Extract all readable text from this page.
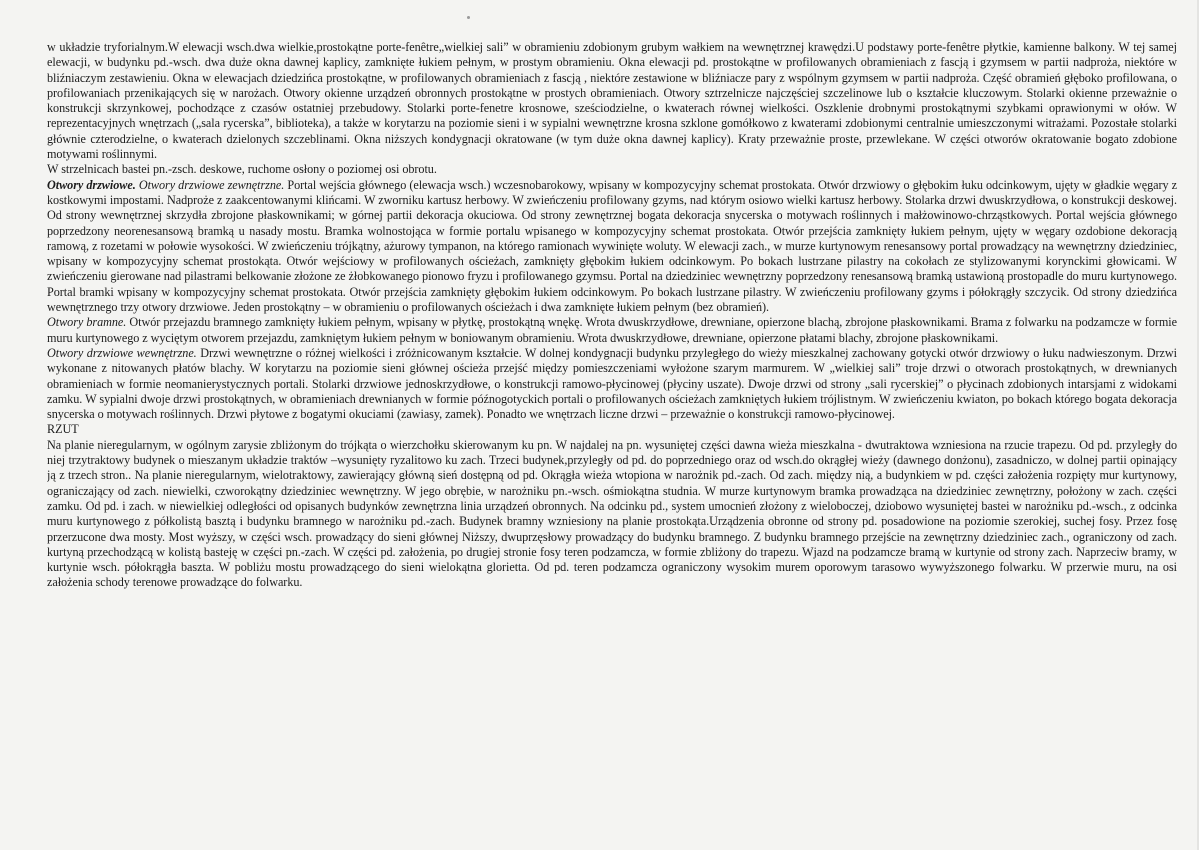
w układzie tryforialnym.W elewacji wsch.dwa wielkie,prostokątne porte-fenêtre„wielkiej sali” w obramieniu zdobionym grubym wałkiem na wewnętrznej krawędzi.U podstawy porte-fenêtre płytkie, kamienne balkony. W tej samej elewacji, w budynku pd.-wsch. dwa duże okna dawnej kaplicy, zamknięte łukiem pełnym, w prostym obramieniu. Okna elewacji pd. prostokątne w profilowanych obramieniach z fascją i gzymsem w partii nadproża, niektóre w bliźniaczym zestawieniu. Okna w elewacjach dziedzińca prostokątne, w profilowanych obramieniach z fascją , niektóre zestawione w bliźniacze pary z wspólnym gzymsem w partii nadproża. Część obramień głęboko profilowana, o profilowaniach przenikających się w narożach. Otwory okienne urządzeń obronnych prostokątne w prostych obramieniach. Otwory sztrzelnicze najczęściej szczelinowe lub o kształcie kluczowym. Stolarki okienne przeważnie o konstrukcji skrzynkowej, pochodzące z czasów ostatniej przebudowy. Stolarki porte-fenetre krosnowe, sześciodzielne, o kwaterach równej wielkości. Oszklenie drobnymi prostokątnymi szybkami oprawionymi w ołów. W reprezentacyjnych wnętrzach („sala rycerska”, biblioteka), a także w korytarzu na poziomie sieni i w sypialni wewnętrzne krosna szklone gomółkowo z kwaterami zdobionymi centralnie umieszczonymi witrażami. Pozostałe stolarki głównie czterodzielne, o kwaterach dzielonych szczeblinami. Okna niższych kondygnacji okratowane (w tym duże okna dawnej kaplicy). Kraty przeważnie proste, przewlekane. W części otworów okratowanie bogato zdobione motywami roślinnymi.

W strzelnicach bastei pn.-zsch. deskowe, ruchome osłony o poziomej osi obrotu.

Otwory drzwiowe. Otwory drzwiowe zewnętrzne. Portal wejścia głównego (elewacja wsch.) wczesnobarokowy, wpisany w kompozycyjny schemat prostokata. Otwór drzwiowy o głębokim łuku odcinkowym, ujęty w gładkie węgary z kostkowymi impostami. Nadproże z zaakcentowanymi klińcami. W zworniku kartusz herbowy. W zwieńczeniu profilowany gzyms, nad którym osiowo wielki kartusz herbowy. Stolarka drzwi dwuskrzydłowa, o konstrukcji deskowej. Od strony wewnętrznej skrzydła zbrojone płaskownikami; w górnej partii dekoracja okuciowa. Od strony zewnętrznej bogata dekoracja snycerska o motywach roślinnych i małżowinowo-chrząstkowych. Portal wejścia głównego poprzedzony neorenesansową bramką u nasady mostu. Bramka wolnostojąca w formie portalu wpisanego w kompozycyjny schemat prostokata. Otwór przejścia zamknięty łukiem pełnym, ujęty w węgary ozdobione dekoracją ramową, z rozetami w połowie wysokości. W zwieńczeniu trójkątny, ażurowy tympanon, na którego ramionach wywinięte woluty. W elewacji zach., w murze kurtynowym renesansowy portal prowadzący na wewnętrzny dziedziniec, wpisany w kompozycyjny schemat prostokąta. Otwór wejściowy w profilowanych ościeżach, zamknięty głębokim łukiem odcinkowym. Po bokach lustrzane pilastry na cokołach ze stylizowanymi korynckimi głowicami. W zwieńczeniu gierowane nad pilastrami belkowanie złożone ze żłobkowanego pionowo fryzu i profilowanego gzymsu. Portal na dziedziniec wewnętrzny poprzedzony renesansową bramką ustawioną prostopadle do muru kurtynowego. Portal bramki wpisany w kompozycyjny schemat prostokata. Otwór przejścia zamknięty głębokim łukiem odcinkowym. Po bokach lustrzane pilastry. W zwieńczeniu profilowany gzyms i półokrągły szczycik. Od strony dziedzińca wewnętrznego trzy otwory drzwiowe. Jeden prostokątny – w obramieniu o profilowanych ościeżach i dwa zamknięte łukiem pełnym (bez obramień).

Otwory bramne. Otwór przejazdu bramnego zamknięty łukiem pełnym, wpisany w płytkę, prostokątną wnękę. Wrota dwuskrzydłowe, drewniane, opierzone blachą, zbrojone płaskownikami. Brama z folwarku na podzamcze w formie muru kurtynowego z wyciętym otworem przejazdu, zamkniętym łukiem pełnym w boniowanym obramieniu. Wrota dwuskrzydłowe, drewniane, opierzone płatami blachy, zbrojone płaskownikami.

Otwory drzwiowe wewnętrzne. Drzwi wewnętrzne o różnej wielkości i zróżnicowanym kształcie. W dolnej kondygnacji budynku przyległego do wieży mieszkalnej zachowany gotycki otwór drzwiowy o łuku nadwieszonym. Drzwi wykonane z nitowanych płatów blachy. W korytarzu na poziomie sieni głównej ościeża przejść między pomieszczeniami wyłożone szarym marmurem. W „wielkiej sali” troje drzwi o otworach prostokątnych, w drewnianych obramieniach w formie neomanierystycznych portali. Stolarki drzwiowe jednoskrzydłowe, o konstrukcji ramowo-płycinowej (płyciny uszate). Dwoje drzwi od strony „sali rycerskiej” o płycinach zdobionych intarsjami z widokami zamku. W sypialni dwoje drzwi prostokątnych, w obramieniach drewnianych w formie późnogotyckich portali o profilowanych ościeżach zamkniętych łukiem trójlistnym. W zwieńczeniu kwiaton, po bokach którego bogata dekoracja snycerska o motywach roślinnych. Drzwi płytowe z bogatymi okuciami (zawiasy, zamek). Ponadto we wnętrzach liczne drzwi – przeważnie o konstrukcji ramowo-płycinowej.

RZUT

Na planie nieregularnym, w ogólnym zarysie zbliżonym do trójkąta o wierzchołku skierowanym ku pn. W najdalej na pn. wysuniętej części dawna wieża mieszkalna - dwutraktowa wzniesiona na rzucie trapezu. Od pd. przyległy do niej trzytraktowy budynek o mieszanym układzie traktów –wysunięty ryzalitowo ku zach. Trzeci budynek,przyległy od pd. do poprzedniego oraz od wsch.do okrągłej wieży (dawnego donżonu), zasadniczo, w dolnej partii opinający ją z trzech stron.. Na planie nieregularnym, wielotraktowy, zawierający główną sień dostępną od pd. Okrągła wieża wtopiona w narożnik pd.-zach. Od zach. między nią, a budynkiem w pd. części założenia rozpięty mur kurtynowy, ograniczający od zach. niewielki, czworokątny dziedziniec wewnętrzny. W jego obrębie, w narożniku pn.-wsch. ośmiokątna studnia. W murze kurtynowym bramka prowadząca na dziedziniec zewnętrzny, położony w zach. części zamku. Od pd. i zach. w niewielkiej odległości od opisanych budynków zewnętrzna linia urządzeń obronnych. Na odcinku pd., system umocnień złożony z wieloboczej, dziobowo wysuniętej bastei w narożniku pd.-wsch., z odcinka muru kurtynowego z półkolistą basztą i budynku bramnego w narożniku pd.-zach. Budynek bramny wzniesiony na planie prostokąta.Urządzenia obronne od strony pd. posadowione na poziomie szerokiej, suchej fosy. Przez fosę przerzucone dwa mosty. Most wyższy, w części wsch. prowadzący do sieni głównej Niższy, dwuprzęsłowy prowadzący do budynku bramnego. Z budynku bramnego przejście na zewnętrzny dziedziniec zach., ograniczony od zach. kurtyną przechodzącą w kolistą basteję w części pn.-zach. W części pd. założenia, po drugiej stronie fosy teren podzamcza, w formie zbliżony do trapezu. Wjazd na podzamcze bramą w kurtynie od strony zach. Naprzeciw bramy, w kurtynie wsch. półokrągła baszta. W pobliżu mostu prowadzącego do sieni wielokątna glorietta. Od pd. teren podzamcza ograniczony wysokim murem oporowym tarasowo wywyższonego folwarku. W przerwie muru, na osi założenia schody terenowe prowadzące do folwarku.
